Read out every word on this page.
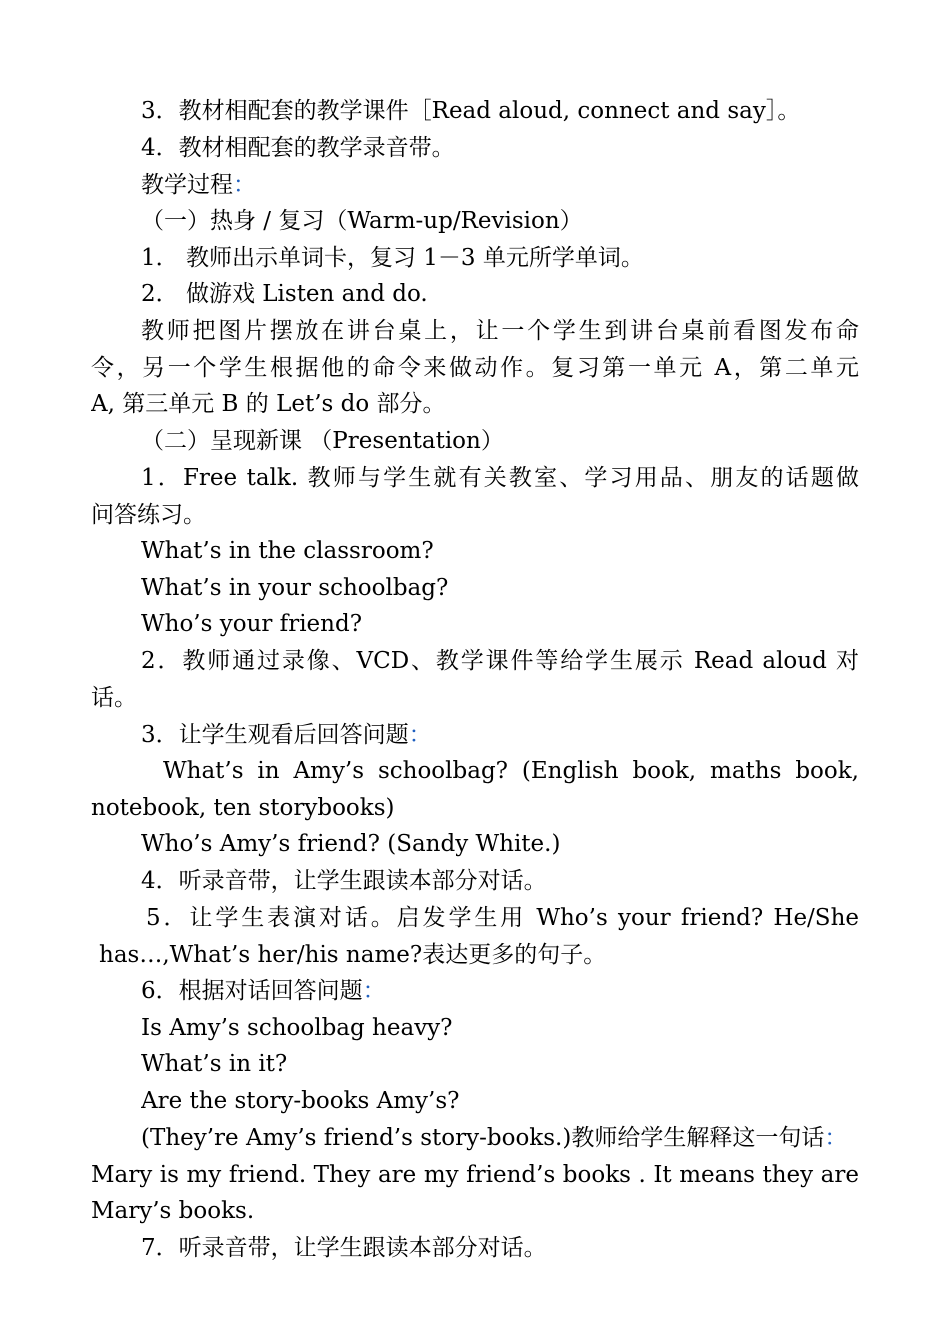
3．教材相配套的教学课件［Read aloud, connect and say］。
4．教材相配套的教学录音带。
教学过程：
（一）热身 / 复习（Warm-up/Revision）
1． 教师出示单词卡，复习 1－3 单元所学单词。
2． 做游戏 Listen and do.
教师把图片摆放在讲台桌上，让一个学生到讲台桌前看图发布命
令，另一个学生根据他的命令来做动作。复习第一单元 A，第二单元
A, 第三单元 B 的 Let’s do 部分。
（二）呈现新课 （Presentation）
1．Free talk. 教师与学生就有关教室、学习用品、朋友的话题做
问答练习。
What’s in the classroom?
What’s in your schoolbag?
Who’s your friend?
2．教师通过录像、VCD、教学课件等给学生展示 Read aloud 对
话。
3．让学生观看后回答问题：
What’s in Amy’s schoolbag? (English book, maths book,
notebook, ten storybooks)
Who’s Amy’s friend? (Sandy White.)
4．听录音带，让学生跟读本部分对话。
5．让学生表演对话。启发学生用 Who’s your friend? He/She
has…,What’s her/his name?表达更多的句子。
6．根据对话回答问题：
Is Amy’s schoolbag heavy?
What’s in it?
Are the story-books Amy’s?
(They’re Amy’s friend’s story-books.)教师给学生解释这一句话：
Mary is my friend. They are my friend’s books . It means they are
Mary’s books.
7．听录音带，让学生跟读本部分对话。
